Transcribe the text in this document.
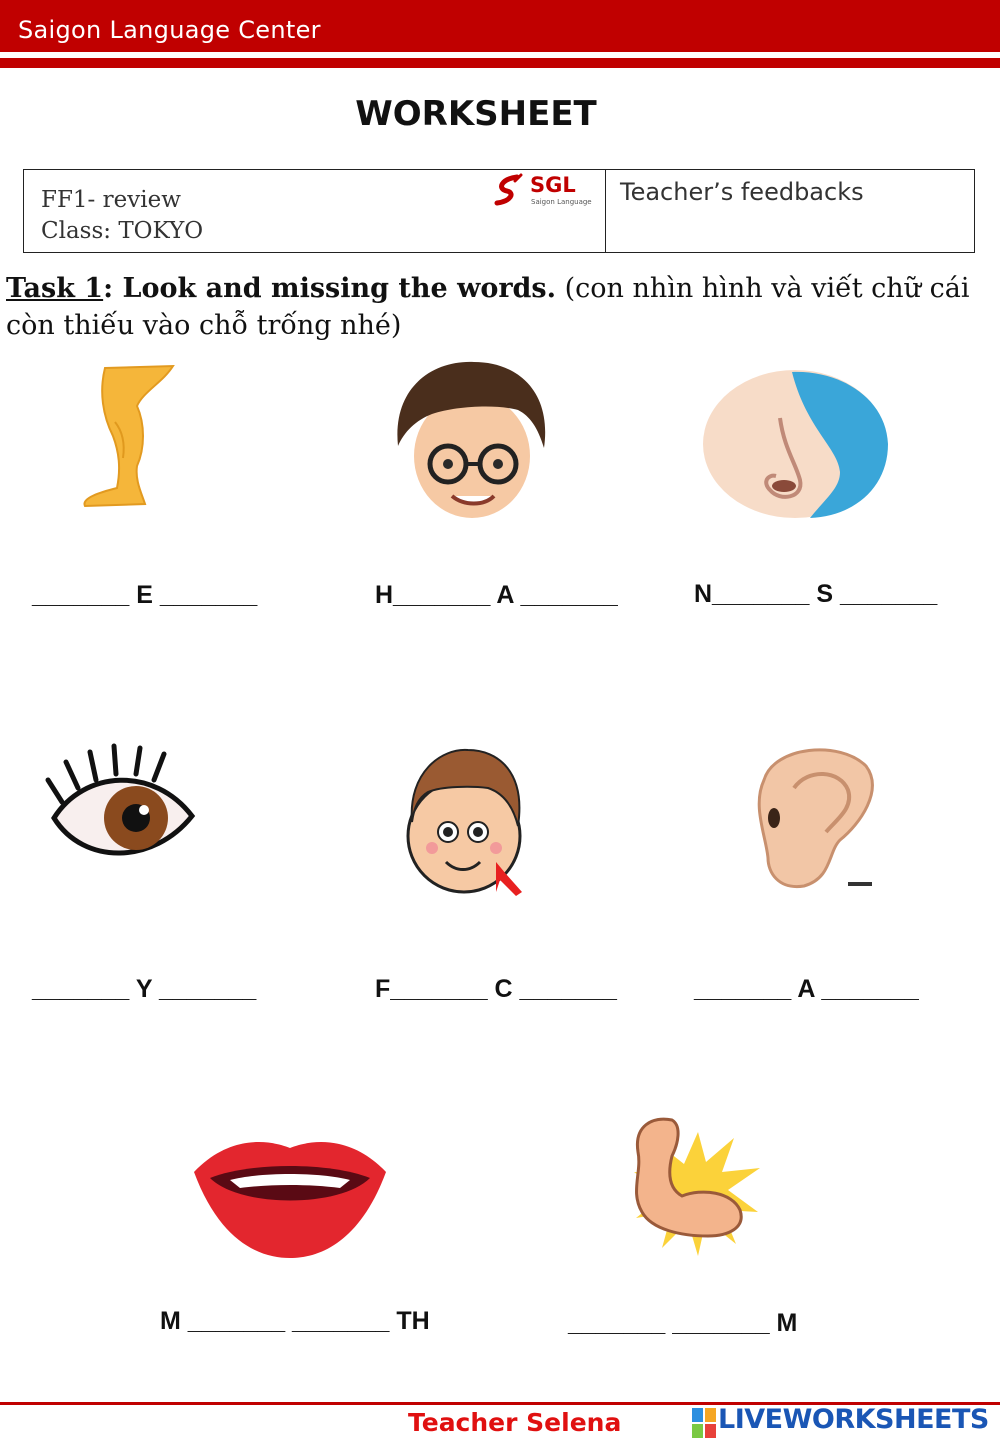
Saigon Language Center
WORKSHEET
FF1- review
Class: TOKYO
SGL
Saigon Language Teacher’s feedbacks
Task 1: Look and missing the words. (con nhìn hình và viết chữ cái còn thiếu vào chỗ trống nhé)
_______ E _______	H_______ A _______	N_______ S _______
_______ Y _______	F_______ C _______	_______ A _______
M _______ _______ TH	_______ _______ M
Teacher Selena	LIVEWORKSHEETS
